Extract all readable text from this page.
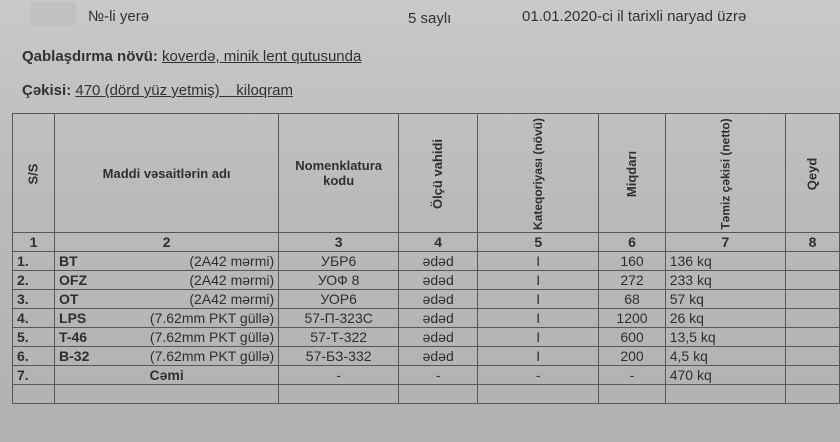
№-li yerə	5 saylı	01.01.2020-ci il tarixli naryad üzrə
Qablaşdırma növü: koverdə, minik lent qutusunda
Çəkisi: 470 (dörd yüz yetmiş) kiloqram
S/S	Maddi vəsaitlərin adı	Nomenklatura kodu	Ölçü vahidi	Kateqoriyası (növü)	Miqdarı	Təmiz çəkisi (netto)	Qeyd
1	2	3	4	5	6	7	8
1.	BT (2A42 mərmi)	УБР6	ədəd	I	160	136 kq	
2.	OFZ (2A42 mərmi)	УОФ 8	ədəd	I	272	233 kq	
3.	OT (2A42 mərmi)	УОР6	ədəd	I	68	57 kq	
4.	LPS (7.62mm PKT güllə)	57-П-323С	ədəd	I	1200	26 kq	
5.	T-46 (7.62mm PKT güllə)	57-Т-322	ədəd	I	600	13,5 kq	
6.	B-32 (7.62mm PKT güllə)	57-БЗ-332	ədəd	I	200	4,5 kq	
7.	Cəmi	-	-	-	-	470 kq	
